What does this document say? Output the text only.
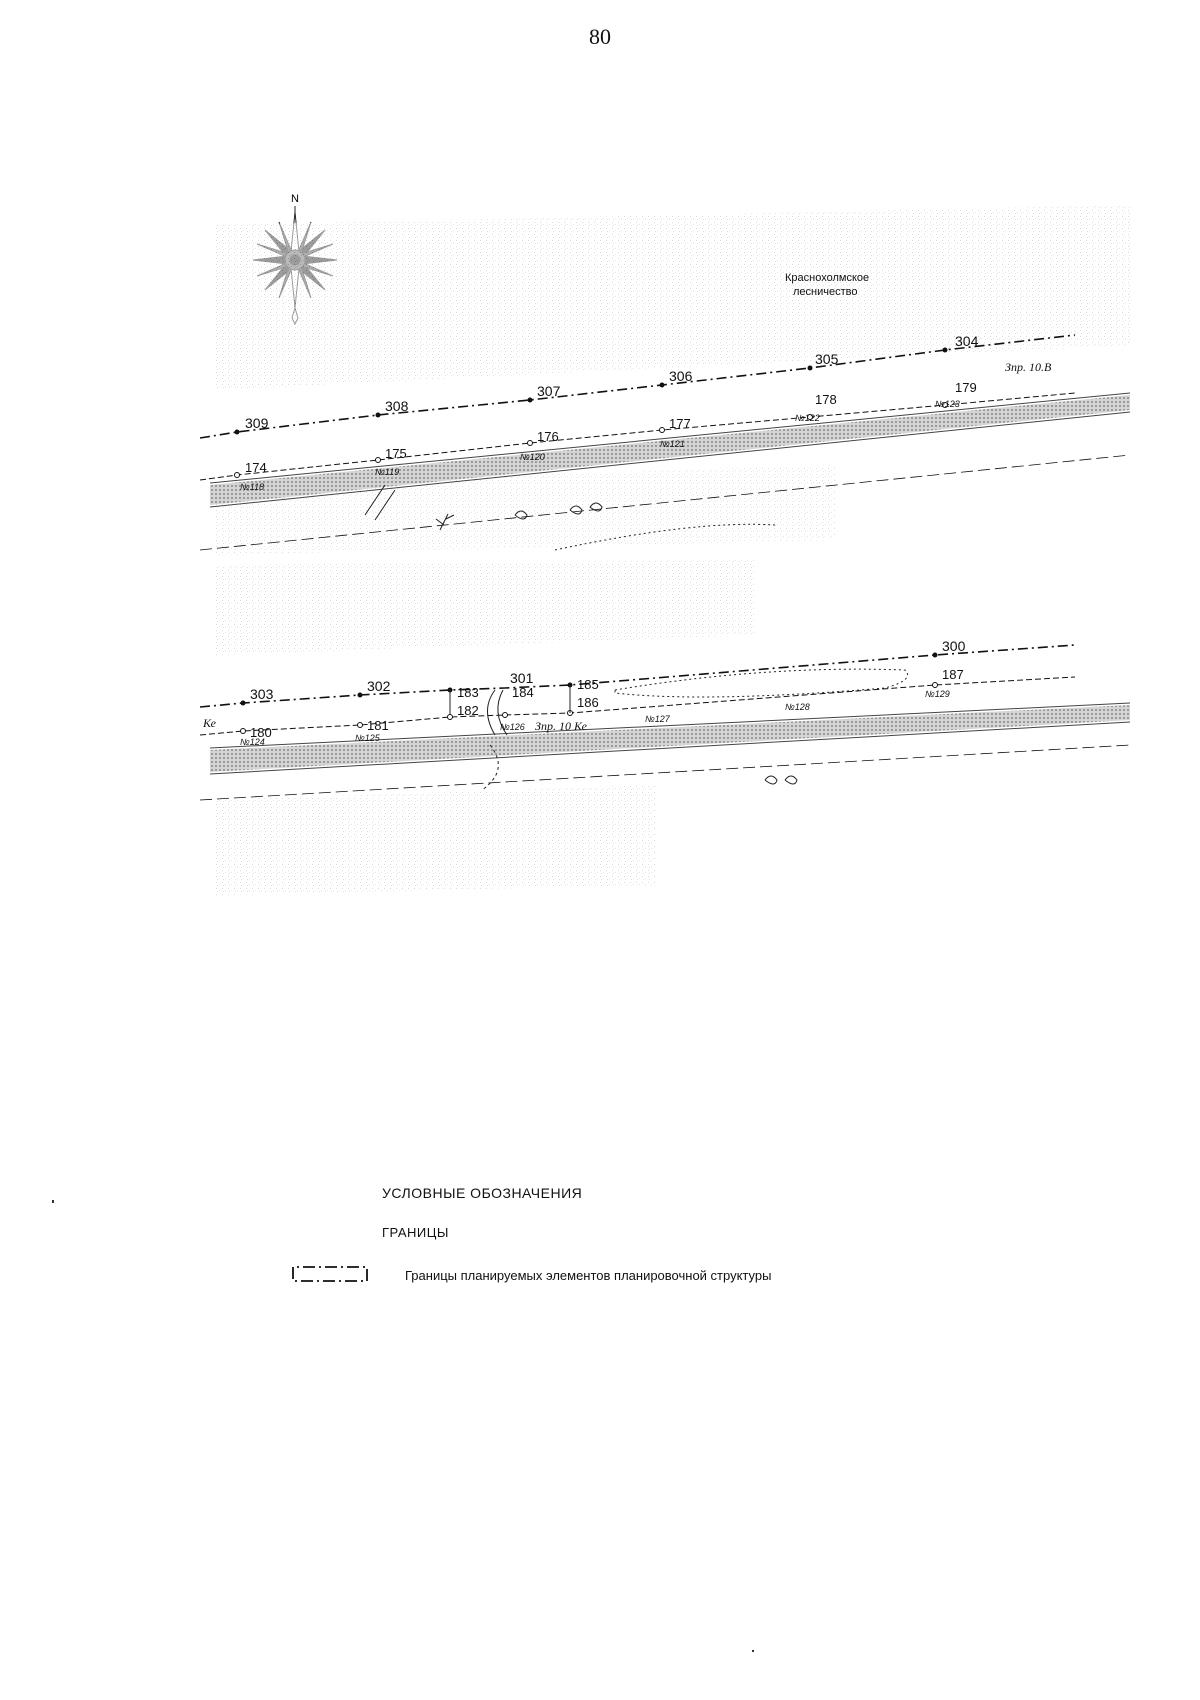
80
N
Краснохолмское
лесничество
309
308
307
306
305
304
174
175
176
177
178
179
№118
№119
№120
№121
№122
№123
Зпр. 10.В
Ке
303	302	301
300
180	181
182
183	184
185
186
187
№124	№125
№126
№127
№128
№129
Зпр. 10 Ке
УСЛОВНЫЕ ОБОЗНАЧЕНИЯ
ГРАНИЦЫ
Границы планируемых элементов планировочной структуры
